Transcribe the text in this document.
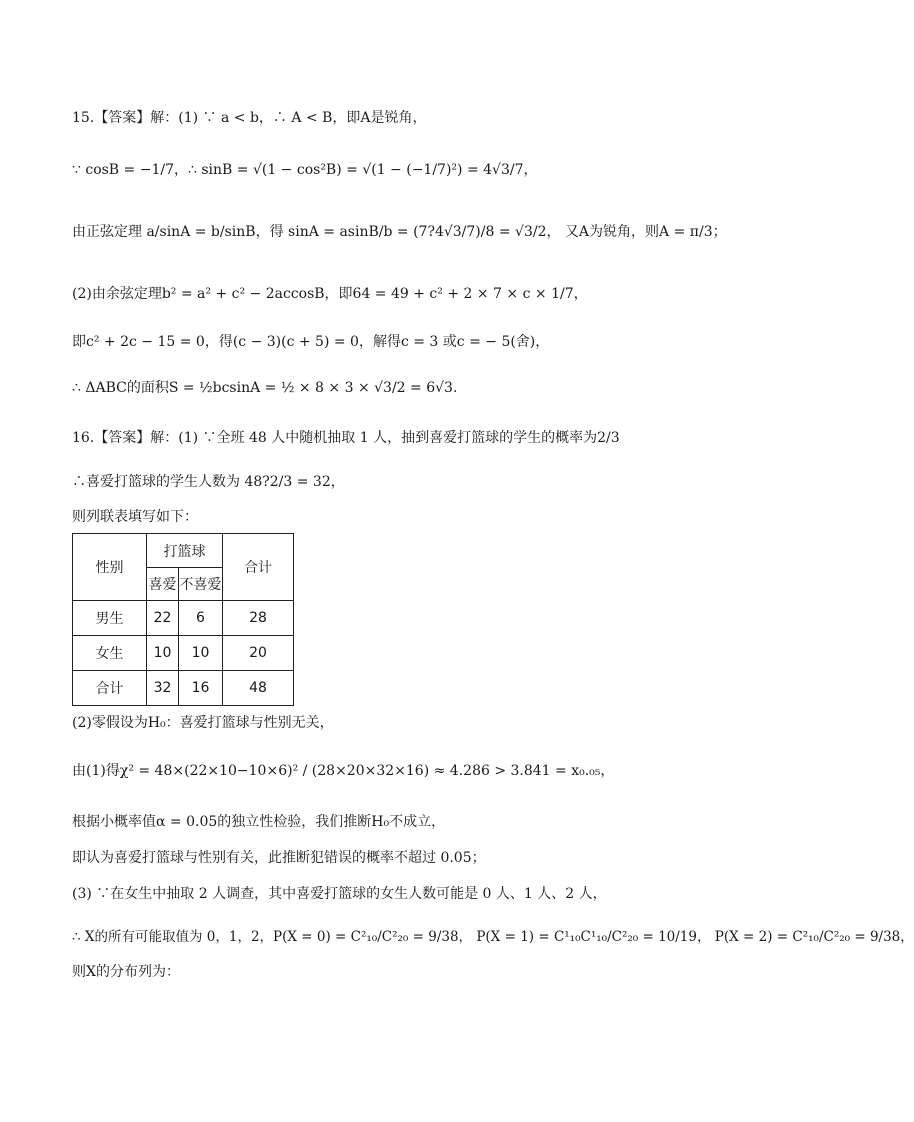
15.【答案】解：(1) ∵ a < b，∴ A < B，即A是锐角，
∵ cosB = −1/7，∴ sinB = √(1 − cos²B) = √(1 − (−1/7)²) = 4√3/7，
由正弦定理 a/sinA = b/sinB，得 sinA = asinB/b = (7?4√3/7)/8 = √3/2， 又A为锐角，则A = π/3；
(2)由余弦定理b² = a² + c² − 2accosB，即64 = 49 + c² + 2 × 7 × c × 1/7，
即c² + 2c − 15 = 0，得(c − 3)(c + 5) = 0，解得c = 3 或c = − 5(舍)，
∴ ΔABC的面积S = ½bcsinA = ½ × 8 × 3 × √3/2 = 6√3.
16.【答案】解：(1) ∵全班 48 人中随机抽取 1 人，抽到喜爱打篮球的学生的概率为2/3
∴喜爱打篮球的学生人数为 48?2/3 = 32，
则列联表填写如下：
性别	打篮球		合计
	喜爱	不喜爱	
男生	22	6	28
女生	10	10	20
合计	32	16	48
(2)零假设为H₀：喜爱打篮球与性别无关，
由(1)得χ² = 48×(22×10−10×6)² / (28×20×32×16) ≈ 4.286 > 3.841 = x₀.₀₅，
根据小概率值α = 0.05的独立性检验，我们推断H₀不成立，
即认为喜爱打篮球与性别有关，此推断犯错误的概率不超过 0.05；
(3) ∵在女生中抽取 2 人调查，其中喜爱打篮球的女生人数可能是 0 人、1 人、2 人，
∴ X的所有可能取值为 0，1，2，P(X = 0) = C²₁₀/C²₂₀ = 9/38， P(X = 1) = C¹₁₀C¹₁₀/C²₂₀ = 10/19， P(X = 2) = C²₁₀/C²₂₀ = 9/38，
则X的分布列为：
